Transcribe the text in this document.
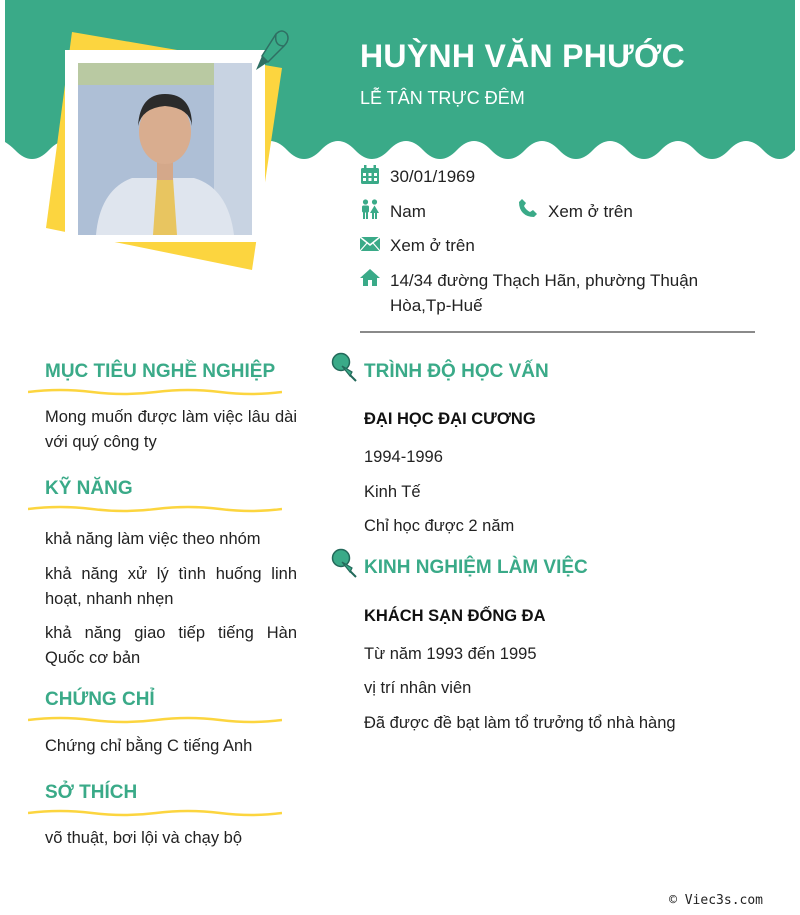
HUỲNH VĂN PHƯỚC
LỄ TÂN TRỰC ĐÊM
30/01/1969
Nam	Xem ở trên
Xem ở trên
14/34 đường Thạch Hãn, phường Thuận Hòa,Tp-Huế
MỤC TIÊU NGHỀ NGHIỆP
Mong muốn được làm việc lâu dài với quý công ty
KỸ NĂNG
khả năng làm việc theo nhóm
khả năng xử lý tình huống linh hoạt, nhanh nhẹn
khả năng giao tiếp tiếng Hàn Quốc cơ bản
CHỨNG CHỈ
Chứng chỉ bằng C tiếng Anh
SỞ THÍCH
võ thuật, bơi lội và chạy bộ
TRÌNH ĐỘ HỌC VẤN
ĐẠI HỌC ĐẠI CƯƠNG
1994-1996
Kinh Tế
Chỉ học được 2 năm
KINH NGHIỆM LÀM VIỆC
KHÁCH SẠN ĐỐNG ĐA
Từ năm 1993 đến 1995
vị trí nhân viên
Đã được đề bạt làm tổ trưởng tổ nhà hàng
© Viec3s.com
